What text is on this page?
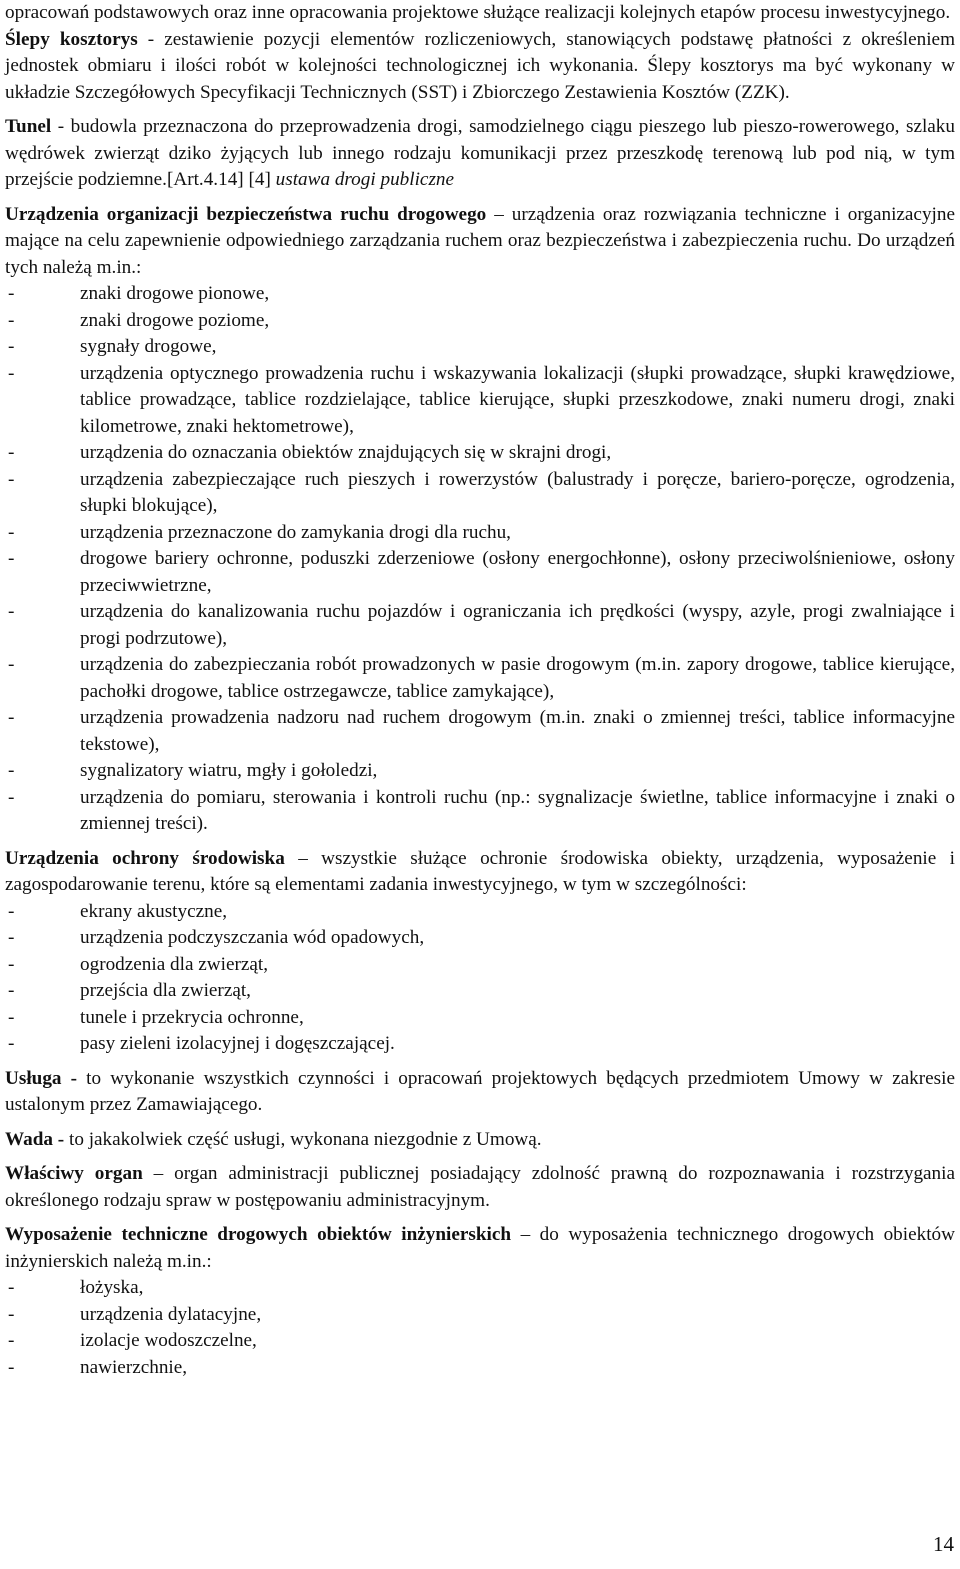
opracowań podstawowych oraz inne opracowania projektowe służące realizacji kolejnych etapów procesu inwestycyjnego.

Ślepy kosztorys - zestawienie pozycji elementów rozliczeniowych, stanowiących podstawę płatności z określeniem jednostek obmiaru i ilości robót w kolejności technologicznej ich wykonania. Ślepy kosztorys ma być wykonany w układzie Szczegółowych Specyfikacji Technicznych (SST) i Zbiorczego Zestawienia Kosztów (ZZK).

Tunel - budowla przeznaczona do przeprowadzenia drogi, samodzielnego ciągu pieszego lub pieszo-rowerowego, szlaku wędrówek zwierząt dziko żyjących lub innego rodzaju komunikacji przez przeszkodę terenową lub pod nią, w tym przejście podziemne.[Art.4.14] [4] ustawa drogi publiczne

Urządzenia organizacji bezpieczeństwa ruchu drogowego – urządzenia oraz rozwiązania techniczne i organizacyjne mające na celu zapewnienie odpowiedniego zarządzania ruchem oraz bezpieczeństwa i zabezpieczenia ruchu. Do urządzeń tych należą m.in.:

- znaki drogowe pionowe,
- znaki drogowe poziome,
- sygnały drogowe,
- urządzenia optycznego prowadzenia ruchu i wskazywania lokalizacji (słupki prowadzące, słupki krawędziowe, tablice prowadzące, tablice rozdzielające, tablice kierujące, słupki przeszkodowe, znaki numeru drogi, znaki kilometrowe, znaki hektometrowe),
- urządzenia do oznaczania obiektów znajdujących się w skrajni drogi,
- urządzenia zabezpieczające ruch pieszych i rowerzystów (balustrady i poręcze, bariero-poręcze, ogrodzenia, słupki blokujące),
- urządzenia przeznaczone do zamykania drogi dla ruchu,
- drogowe bariery ochronne, poduszki zderzeniowe (osłony energochłonne), osłony przeciwolśnieniowe, osłony przeciwwietrzne,
- urządzenia do kanalizowania ruchu pojazdów i ograniczania ich prędkości (wyspy, azyle, progi zwalniające i progi podrzutowe),
- urządzenia do zabezpieczania robót prowadzonych w pasie drogowym (m.in. zapory drogowe, tablice kierujące, pachołki drogowe, tablice ostrzegawcze, tablice zamykające),
- urządzenia prowadzenia nadzoru nad ruchem drogowym (m.in. znaki o zmiennej treści, tablice informacyjne tekstowe),
- sygnalizatory wiatru, mgły i gołoledzi,
- urządzenia do pomiaru, sterowania i kontroli ruchu (np.: sygnalizacje świetlne, tablice informacyjne i znaki o zmiennej treści).

Urządzenia ochrony środowiska – wszystkie służące ochronie środowiska obiekty, urządzenia, wyposażenie i zagospodarowanie terenu, które są elementami zadania inwestycyjnego, w tym w szczególności:

- ekrany akustyczne,
- urządzenia podczyszczania wód opadowych,
- ogrodzenia dla zwierząt,
- przejścia dla zwierząt,
- tunele i przekrycia ochronne,
- pasy zieleni izolacyjnej i dogęszczającej.

Usługa - to wykonanie wszystkich czynności i opracowań projektowych będących przedmiotem Umowy w zakresie ustalonym przez Zamawiającego.

Wada - to jakakolwiek część usługi, wykonana niezgodnie z Umową.

Właściwy organ – organ administracji publicznej posiadający zdolność prawną do rozpoznawania i rozstrzygania określonego rodzaju spraw w postępowaniu administracyjnym.

Wyposażenie techniczne drogowych obiektów inżynierskich – do wyposażenia technicznego drogowych obiektów inżynierskich należą m.in.:

- łożyska,
- urządzenia dylatacyjne,
- izolacje wodoszczelne,
- nawierzchnie,
14
